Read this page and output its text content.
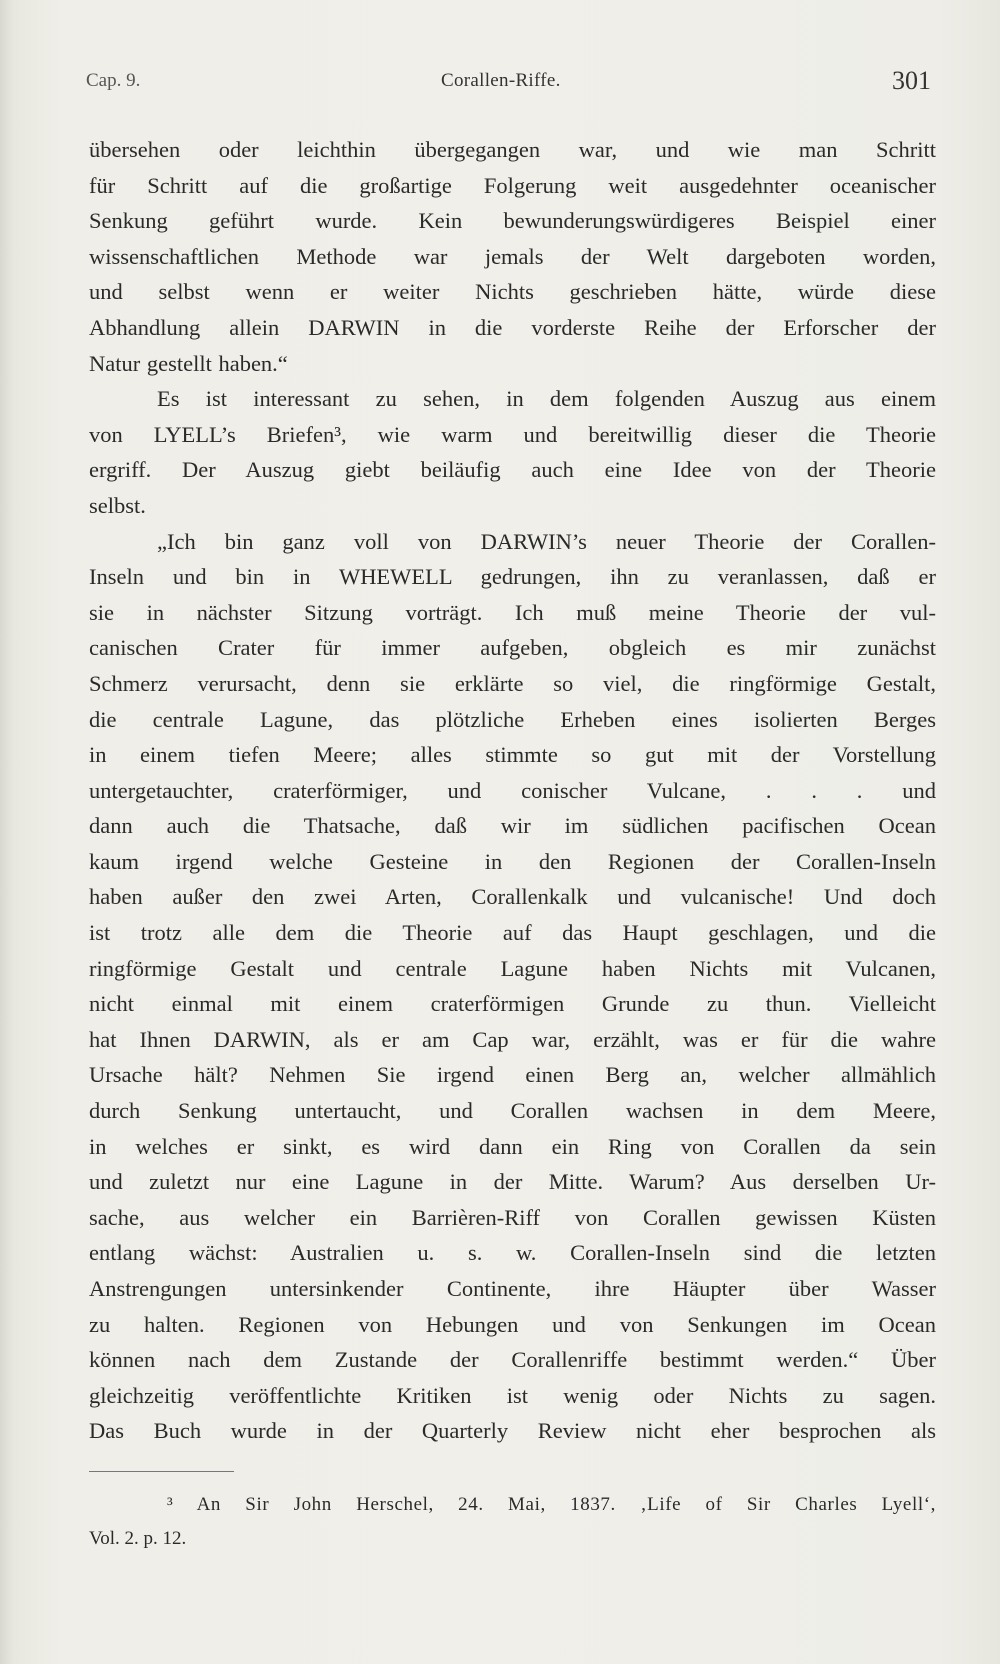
Cap. 9.	Corallen-Riffe.	301
übersehen oder leichthin übergegangen war, und wie man Schritt
für Schritt auf die großartige Folgerung weit ausgedehnter oceanischer
Senkung geführt wurde. Kein bewunderungswürdigeres Beispiel einer
wissenschaftlichen Methode war jemals der Welt dargeboten worden,
und selbst wenn er weiter Nichts geschrieben hätte, würde diese
Abhandlung allein DARWIN in die vorderste Reihe der Erforscher der
Natur gestellt haben.“
Es ist interessant zu sehen, in dem folgenden Auszug aus einem
von LYELL’s Briefen³, wie warm und bereitwillig dieser die Theorie
ergriff. Der Auszug giebt beiläufig auch eine Idee von der Theorie
selbst.
„Ich bin ganz voll von DARWIN’s neuer Theorie der Corallen-
Inseln und bin in WHEWELL gedrungen, ihn zu veranlassen, daß er
sie in nächster Sitzung vorträgt. Ich muß meine Theorie der vul-
canischen Crater für immer aufgeben, obgleich es mir zunächst
Schmerz verursacht, denn sie erklärte so viel, die ringförmige Gestalt,
die centrale Lagune, das plötzliche Erheben eines isolierten Berges
in einem tiefen Meere; alles stimmte so gut mit der Vorstellung
untergetauchter, craterförmiger, und conischer Vulcane, . . . und
dann auch die Thatsache, daß wir im südlichen pacifischen Ocean
kaum irgend welche Gesteine in den Regionen der Corallen-Inseln
haben außer den zwei Arten, Corallenkalk und vulcanische! Und doch
ist trotz alle dem die Theorie auf das Haupt geschlagen, und die
ringförmige Gestalt und centrale Lagune haben Nichts mit Vulcanen,
nicht einmal mit einem craterförmigen Grunde zu thun. Vielleicht
hat Ihnen DARWIN, als er am Cap war, erzählt, was er für die wahre
Ursache hält? Nehmen Sie irgend einen Berg an, welcher allmählich
durch Senkung untertaucht, und Corallen wachsen in dem Meere,
in welches er sinkt, es wird dann ein Ring von Corallen da sein
und zuletzt nur eine Lagune in der Mitte. Warum? Aus derselben Ur-
sache, aus welcher ein Barrièren-Riff von Corallen gewissen Küsten
entlang wächst: Australien u. s. w. Corallen-Inseln sind die letzten
Anstrengungen untersinkender Continente, ihre Häupter über Wasser
zu halten. Regionen von Hebungen und von Senkungen im Ocean
können nach dem Zustande der Corallenriffe bestimmt werden.“ Über
gleichzeitig veröffentlichte Kritiken ist wenig oder Nichts zu sagen.
Das Buch wurde in der Quarterly Review nicht eher besprochen als
³ An Sir John Herschel, 24. Mai, 1837. ‚Life of Sir Charles Lyell‘,
Vol. 2. p. 12.
